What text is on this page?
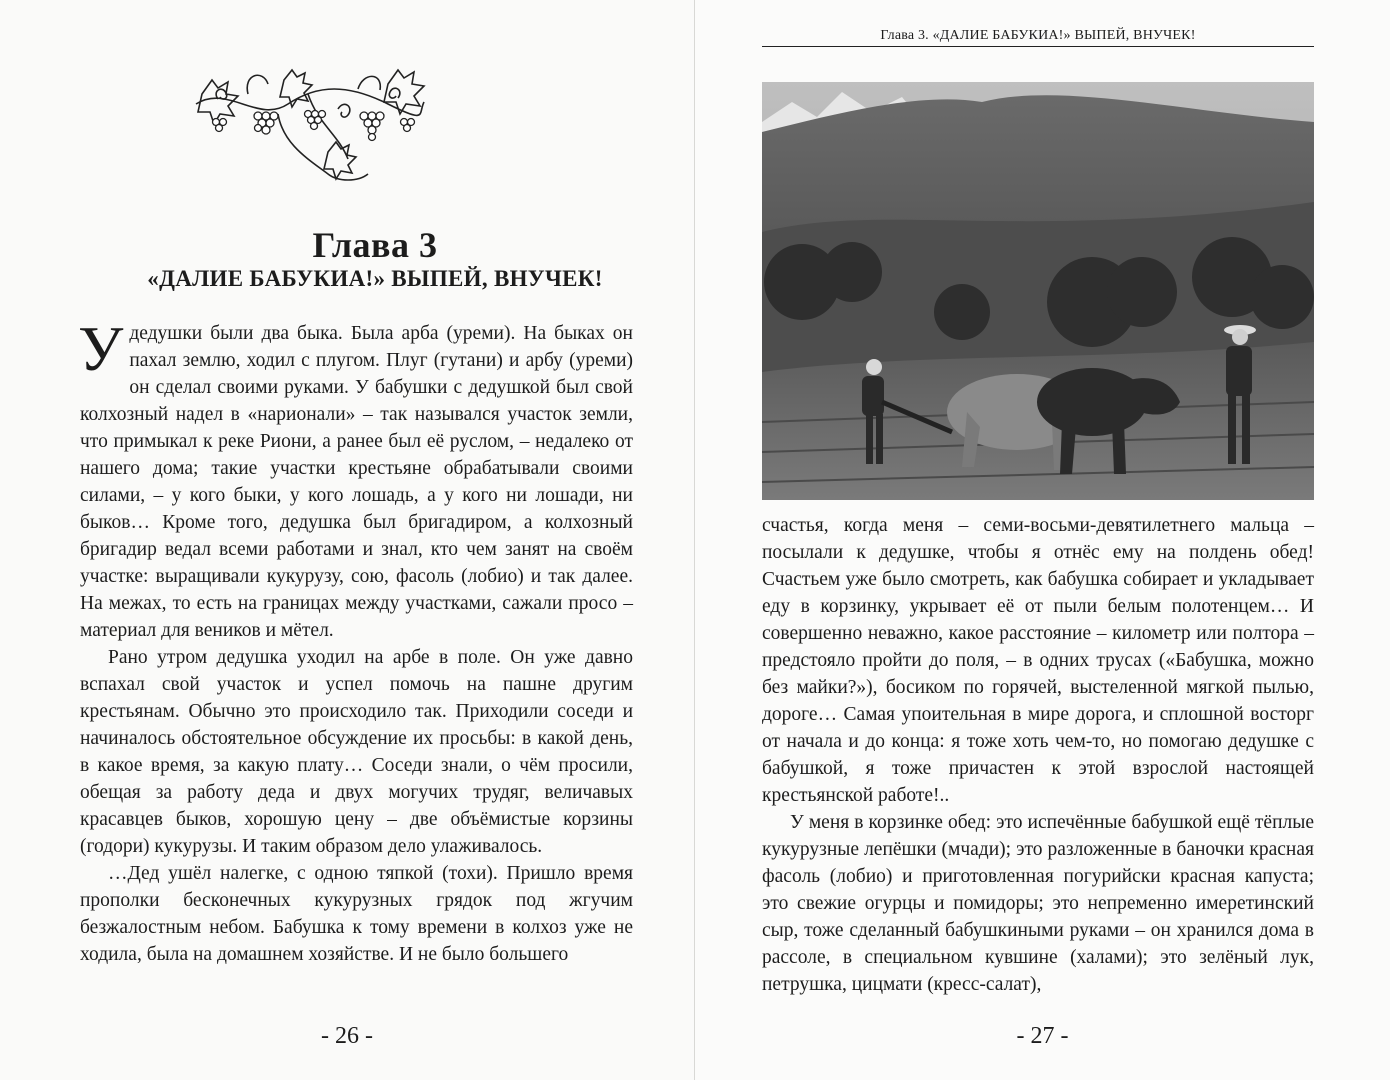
Глава 3
«ДАЛИЕ БАБУКИА!» ВЫПЕЙ, ВНУЧЕК!

Удедушки были два быка. Была арба (уреми). На быках он пахал землю, ходил с плугом. Плуг (гутани) и арбу (уреми) он сделал своими руками. У бабушки с дедушкой был свой колхозный надел в «нарионали» – так назывался участок земли, что примыкал к реке Риони, а ранее был её руслом, – недалеко от нашего дома; такие участки крестьяне обрабатывали своими силами, – у кого быки, у кого лошадь, а у кого ни лошади, ни быков… Кроме того, дедушка был бригадиром, а колхозный бригадир ведал всеми работами и знал, кто чем занят на своём участке: выращивали кукурузу, сою, фасоль (лобио) и так далее. На межах, то есть на границах между участками, сажали просо – материал для веников и мётел.

Рано утром дедушка уходил на арбе в поле. Он уже давно вспахал свой участок и успел помочь на пашне другим крестьянам. Обычно это происходило так. Приходили соседи и начиналось обстоятельное обсуждение их просьбы: в какой день, в какое время, за какую плату… Соседи знали, о чём просили, обещая за работу деда и двух могучих трудяг, величавых красавцев быков, хорошую цену – две объёмистые корзины (годори) кукурузы. И таким образом дело улаживалось.

…Дед ушёл налегке, с одною тяпкой (тохи). Пришло время прополки бесконечных кукурузных грядок под жгучим безжалостным небом. Бабушка к тому времени в колхоз уже не ходила, была на домашнем хозяйстве. И не было большего

- 26 -
Глава 3. «ДАЛИЕ БАБУКИА!» ВЫПЕЙ, ВНУЧЕК!

счастья, когда меня – семи-восьми-девятилетнего мальца – посылали к дедушке, чтобы я отнёс ему на полдень обед! Счастьем уже было смотреть, как бабушка собирает и укладывает еду в корзинку, укрывает её от пыли белым полотенцем… И совершенно неважно, какое расстояние – километр или полтора – предстояло пройти до поля, – в одних трусах («Бабушка, можно без майки?»), босиком по горячей, выстеленной мягкой пылью, дороге… Самая упоительная в мире дорога, и сплошной восторг от начала и до конца: я тоже хоть чем-то, но помогаю дедушке с бабушкой, я тоже причастен к этой взрослой настоящей крестьянской работе!..

У меня в корзинке обед: это испечённые бабушкой ещё тёплые кукурузные лепёшки (мчади); это разложенные в баночки красная фасоль (лобио) и приготовленная погурийски красная капуста; это свежие огурцы и помидоры; это непременно имеретинский сыр, тоже сделанный бабушкиными руками – он хранился дома в рассоле, в специальном кувшине (халами); это зелёный лук, петрушка, цицмати (кресс-салат),

- 27 -
